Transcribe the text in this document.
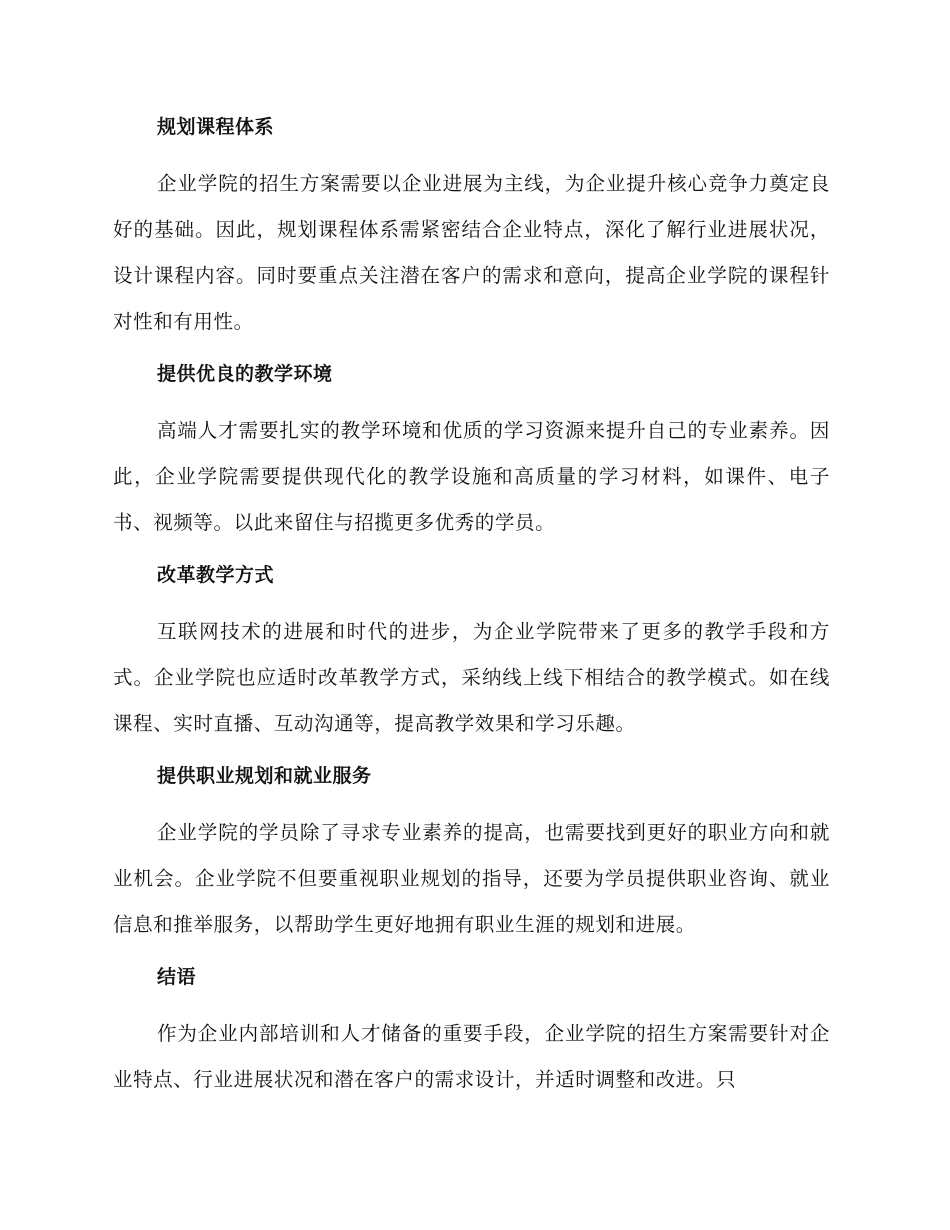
规划课程体系

企业学院的招生方案需要以企业进展为主线，为企业提升核心竞争力奠定良好的基础。因此，规划课程体系需紧密结合企业特点，深化了解行业进展状况，设计课程内容。同时要重点关注潜在客户的需求和意向，提高企业学院的课程针对性和有用性。

提供优良的教学环境

高端人才需要扎实的教学环境和优质的学习资源来提升自己的专业素养。因此，企业学院需要提供现代化的教学设施和高质量的学习材料，如课件、电子书、视频等。以此来留住与招揽更多优秀的学员。

改革教学方式

互联网技术的进展和时代的进步，为企业学院带来了更多的教学手段和方式。企业学院也应适时改革教学方式，采纳线上线下相结合的教学模式。如在线课程、实时直播、互动沟通等，提高教学效果和学习乐趣。

提供职业规划和就业服务

企业学院的学员除了寻求专业素养的提高，也需要找到更好的职业方向和就业机会。企业学院不但要重视职业规划的指导，还要为学员提供职业咨询、就业信息和推举服务，以帮助学生更好地拥有职业生涯的规划和进展。

结语

作为企业内部培训和人才储备的重要手段，企业学院的招生方案需要针对企业特点、行业进展状况和潜在客户的需求设计，并适时调整和改进。只
